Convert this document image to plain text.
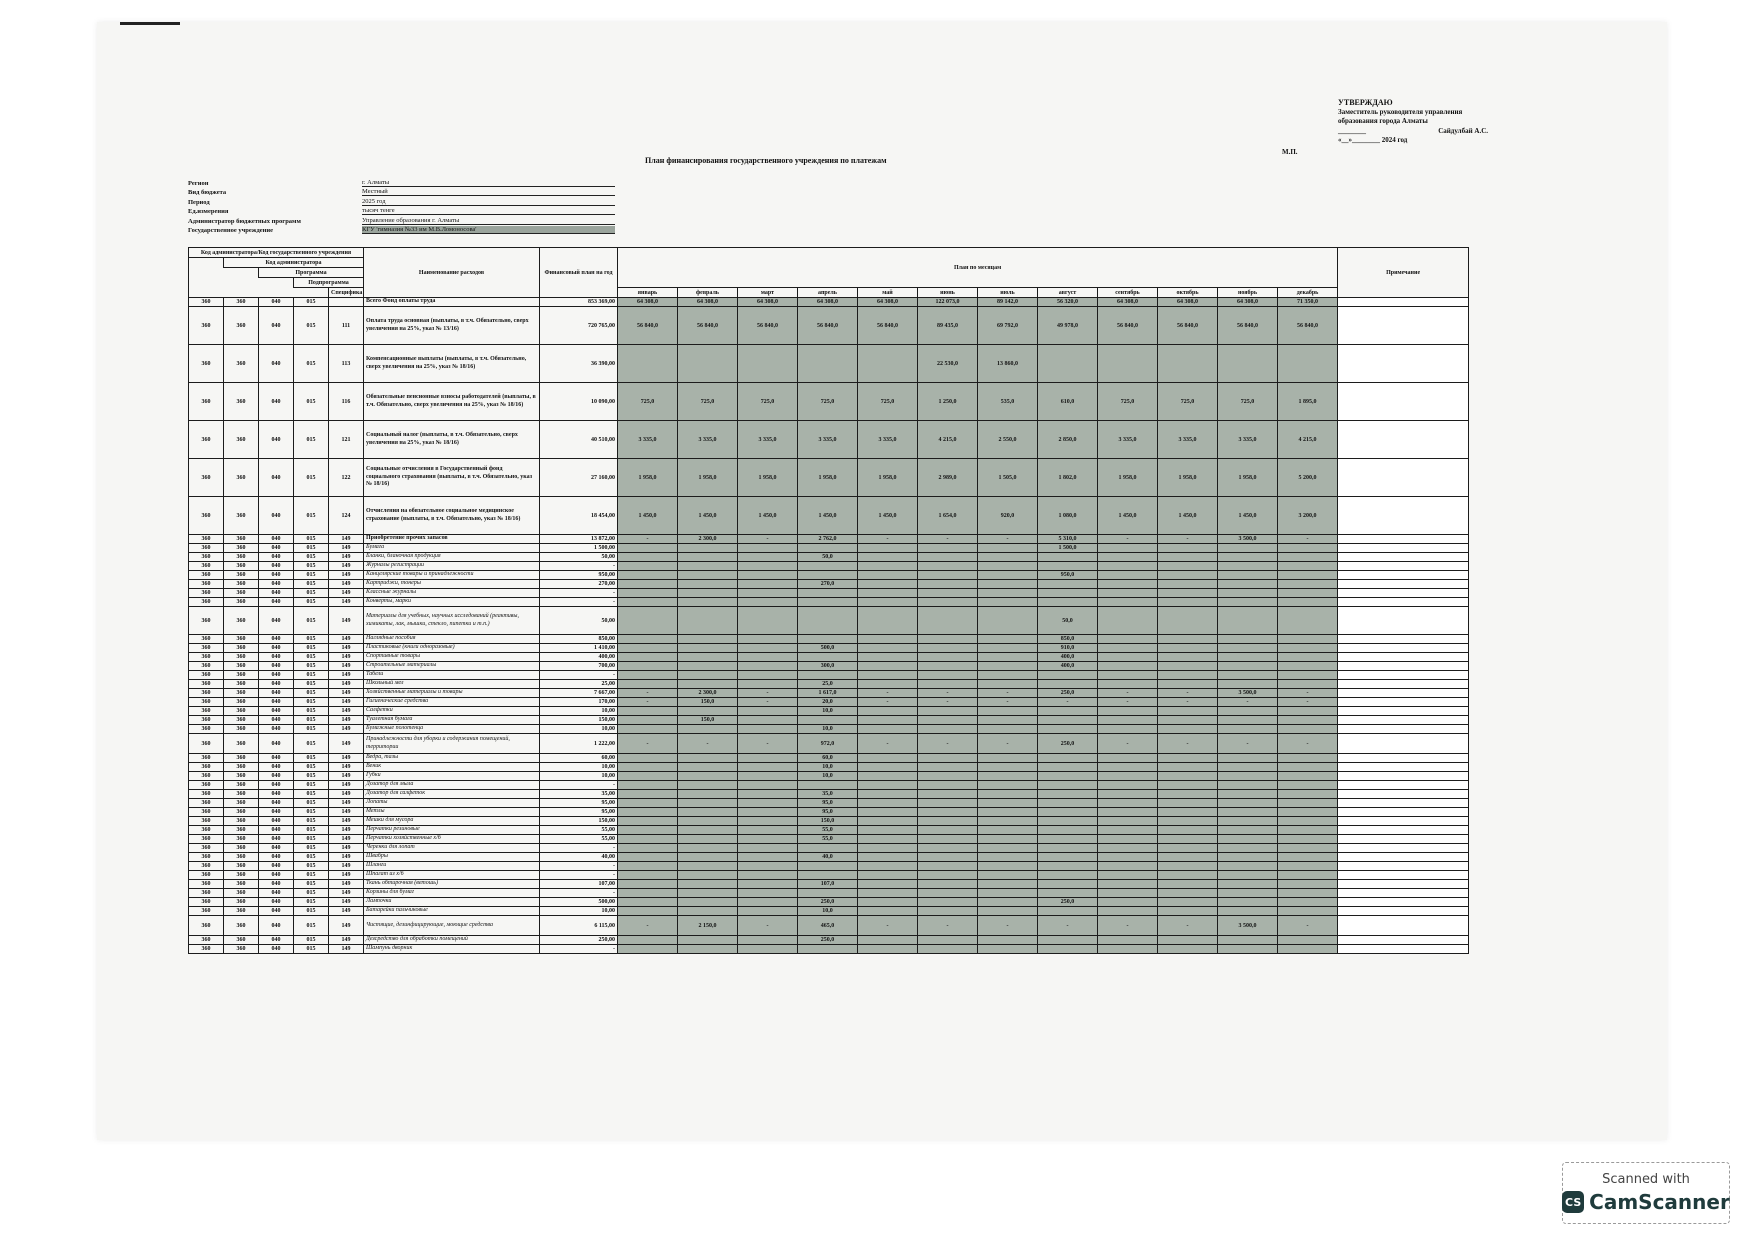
УТВЕРЖДАЮ
Заместитель руководителя управления образования города Алматы
________	Сайдулбай А.С.
«__»________ 2024 год
М.П.
План финансирования государственного учреждения по платежам
Регион	г. Алматы
Вид бюджета	Местный
Период	2025 год
Ед.измерения	тысяч тенге
Администратор бюджетных программ	Управление образования г. Алматы
Государственное учреждение	КГУ 'гимназия №33 им М.В.Ломоносова'
Код администратора/Код государственного учреждения					Наименование расходов	Финансовый план на год	План по месяцам												Примечание
	Код администратора																		
		Программа																	
			Подпрограмма																
				Специфика			январь	февраль	март	апрель	май	июнь	июль	август	сентябрь	октябрь	ноябрь	декабрь	
360	360	040	015		Всего Фонд оплаты труда	853 369,00	64 308,0	64 308,0	64 308,0	64 308,0	64 308,0	122 073,0	89 142,0	56 320,0	64 308,0	64 308,0	64 308,0	71 350,0	
360	360	040	015	111	Оплата труда основная (выплаты, в т.ч. Обязательно, сверх увеличения на 25%, указ № 13/16)	720 765,00	56 840,0	56 840,0	56 840,0	56 840,0	56 840,0	89 435,0	69 792,0	49 978,0	56 840,0	56 840,0	56 840,0	56 840,0	
360	360	040	015	113	Компенсационные выплаты (выплаты, в т.ч. Обязательно, сверх увеличения на 25%, указ № 18/16)	36 390,00						22 530,0	13 860,0						
360	360	040	015	116	Обязательные пенсионные взносы работодателей (выплаты, в т.ч. Обязательно, сверх увеличения на 25%, указ № 18/16)	10 090,00	725,0	725,0	725,0	725,0	725,0	1 250,0	535,0	610,0	725,0	725,0	725,0	1 895,0	
360	360	040	015	121	Социальный налог (выплаты, в т.ч. Обязательно, сверх увеличения на 25%, указ № 18/16)	40 510,00	3 335,0	3 335,0	3 335,0	3 335,0	3 335,0	4 215,0	2 550,0	2 850,0	3 335,0	3 335,0	3 335,0	4 215,0	
360	360	040	015	122	Социальные отчисления в Государственный фонд социального страхования (выплаты, в т.ч. Обязательно, указ № 18/16)	27 160,00	1 958,0	1 958,0	1 958,0	1 958,0	1 958,0	2 989,0	1 505,0	1 802,0	1 958,0	1 958,0	1 958,0	5 200,0	
360	360	040	015	124	Отчисления на обязательное социальное медицинское страхование (выплаты, в т.ч. Обязательно, указ № 18/16)	18 454,00	1 450,0	1 450,0	1 450,0	1 450,0	1 450,0	1 654,0	920,0	1 080,0	1 450,0	1 450,0	1 450,0	3 200,0	
360	360	040	015	149	Приобретение прочих запасов	13 872,00	-	2 300,0	-	2 762,0	-	-	-	5 310,0	-	-	3 500,0	-	
360	360	040	015	149	Бумага	1 500,00								1 500,0					
360	360	040	015	149	Бланки, бланочная продукция	50,00				50,0									
360	360	040	015	149	Журналы регистрации	-													
360	360	040	015	149	Канцелярские товары и принадлежности	950,00								950,0					
360	360	040	015	149	Картриджи, тонеры	270,00				270,0									
360	360	040	015	149	Классные журналы	-													
360	360	040	015	149	Конверты, марки	-													
360	360	040	015	149	Материалы для учебных, научных исследований (реактивы, химикаты, лак, мышки, стекло, пипетки и т.п.)	50,00								50,0					
360	360	040	015	149	Наглядные пособия	850,00								850,0					
360	360	040	015	149	Пластиковые (книги одноразовые)	1 410,00				500,0				910,0					
360	360	040	015	149	Спортивные товары	400,00								400,0					
360	360	040	015	149	Строительные материалы	700,00				300,0				400,0					
360	360	040	015	149	Табели	-													
360	360	040	015	149	Школьный мел	25,00				25,0									
360	360	040	015	149	Хозяйственные материалы и товары	7 667,00	-	2 300,0	-	1 617,0	-	-	-	250,0	-	-	3 500,0	-	
360	360	040	015	149	Гигиенические средства	170,00	-	150,0	-	20,0	-	-	-	-	-	-	-	-	
360	360	040	015	149	Салфетки	10,00				10,0									
360	360	040	015	149	Туалетная бумага	150,00		150,0											
360	360	040	015	149	Бумажные полотенца	10,00				10,0									
360	360	040	015	149	Принадлежности для уборки и содержания помещений, территории	1 222,00	-	-	-	972,0	-	-	-	250,0	-	-	-	-	
360	360	040	015	149	Ведра, тазы	60,00				60,0									
360	360	040	015	149	Веник	10,00				10,0									
360	360	040	015	149	Губки	10,00				10,0									
360	360	040	015	149	Дозатор для мыла	-													
360	360	040	015	149	Дозатор для салфеток	35,00				35,0									
360	360	040	015	149	Лопаты	95,00				95,0									
360	360	040	015	149	Метлы	95,00				95,0									
360	360	040	015	149	Мешки для мусора	150,00				150,0									
360	360	040	015	149	Перчатки резиновые	55,00				55,0									
360	360	040	015	149	Перчатки хозяйственные х/б	55,00				55,0									
360	360	040	015	149	Черенки для лопат	-													
360	360	040	015	149	Швабры	40,00				40,0									
360	360	040	015	149	Шланги	-													
360	360	040	015	149	Шпагат из х/б	-													
360	360	040	015	149	Ткань обтирочная (ветошь)	107,00				107,0									
360	360	040	015	149	Корзины для бумаг	-													
360	360	040	015	149	Лампочки	500,00				250,0				250,0					
360	360	040	015	149	Батарейки пальчиковые	10,00				10,0									
360	360	040	015	149	Чистящие, дезинфицирующие, моющие средства	6 115,00	-	2 150,0	-	465,0	-	-	-	-	-	-	3 500,0	-	
360	360	040	015	149	Дезсредство для обработки помещений	250,00				250,0									
360	360	040	015	149	Шампунь дворник	-													
Scanned with
CS CamScanner
